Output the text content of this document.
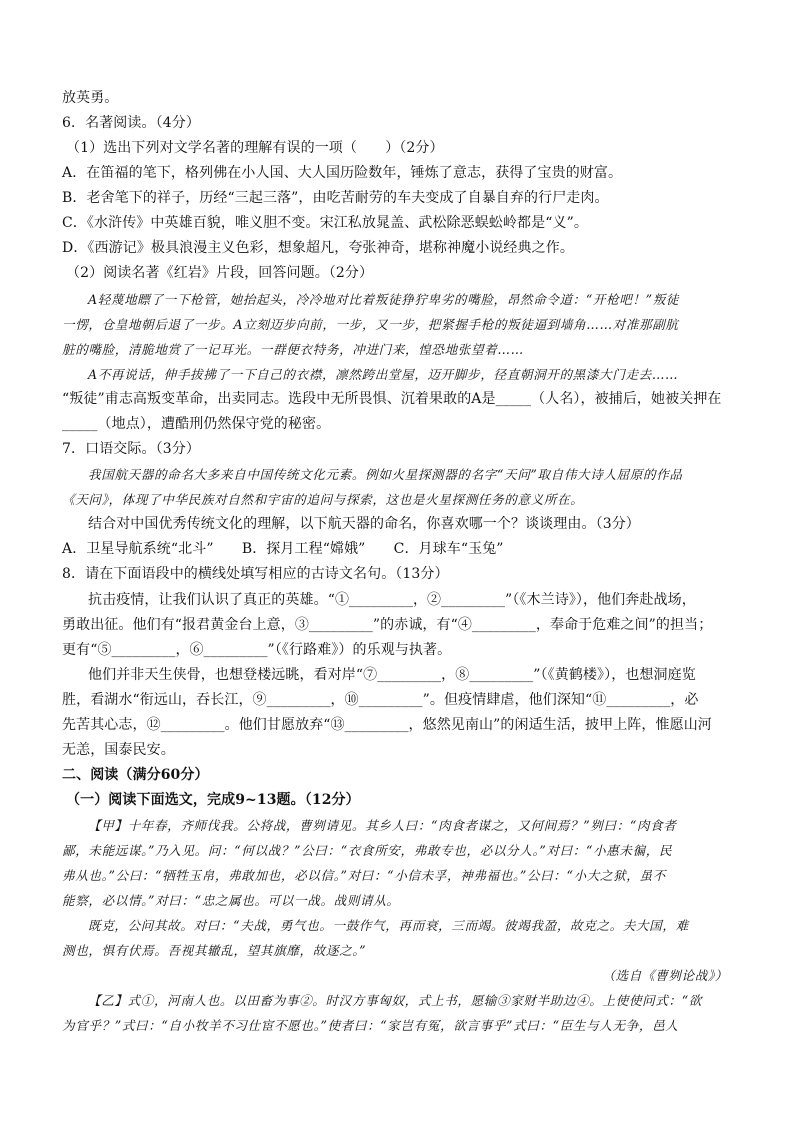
放英勇。
6．名著阅读。（4分）
（1）选出下列对文学名著的理解有误的一项（　　）（2分）
A．在笛福的笔下，格列佛在小人国、大人国历险数年，锤炼了意志，获得了宝贵的财富。
B．老舍笔下的祥子，历经“三起三落”，由吃苦耐劳的车夫变成了自暴自弃的行尸走肉。
C．《水浒传》中英雄百貌，唯义胆不变。宋江私放晁盖、武松除恶蜈蚣岭都是“义”。
D．《西游记》极具浪漫主义色彩，想象超凡，夸张神奇，堪称神魔小说经典之作。
（2）阅读名著《红岩》片段，回答问题。（2分）
A轻蔑地瞟了一下枪管，她抬起头，冷冷地对比着叛徒狰狞卑劣的嘴脸，昂然命令道：“开枪吧！”叛徒
一愣，仓皇地朝后退了一步。A立刻迈步向前，一步，又一步，把紧握手枪的叛徒逼到墙角……对准那副肮
脏的嘴脸，清脆地赏了一记耳光。一群便衣特务，冲进门来，惶恐地张望着……
A不再说话，伸手拔拂了一下自己的衣襟，凛然跨出堂屋，迈开脚步，径直朝洞开的黑漆大门走去……
“叛徒”甫志高叛变革命，出卖同志。选段中无所畏惧、沉着果敢的A是_____（人名），被捕后，她被关押在
_____（地点），遭酷刑仍然保守党的秘密。
7．口语交际。（3分）
我国航天器的命名大多来自中国传统文化元素。例如火星探测器的名字“天问”取自伟大诗人屈原的作品
《天问》，体现了中华民族对自然和宇宙的追问与探索，这也是火星探测任务的意义所在。
结合对中国优秀传统文化的理解，以下航天器的命名，你喜欢哪一个？谈谈理由。（3分）
A．卫星导航系统“北斗”　　B．探月工程“嫦娥”　　C．月球车“玉兔”
8．请在下面语段中的横线处填写相应的古诗文名句。（13分）
抗击疫情，让我们认识了真正的英雄。“①_________，②_________”（《木兰诗》），他们奔赴战场，
勇敢出征。他们有“报君黄金台上意，③_________”的赤诚，有“④_________，奉命于危难之间”的担当；
更有“⑤_________，⑥_________”（《行路难》）的乐观与执著。
他们并非天生侠骨，也想登楼远眺，看对岸“⑦_________，⑧_________”（《黄鹤楼》），也想洞庭览
胜，看湖水“衔远山，吞长江，⑨_________，⑩_________”。但疫情肆虐，他们深知“⑪_________，必
先苦其心志，⑫_________。他们甘愿放弃“⑬_________，悠然见南山”的闲适生活，披甲上阵，惟愿山河
无恙，国泰民安。
二、阅读（满分60分）
（一）阅读下面选文，完成9~13题。（12分）
【甲】十年春，齐师伐我。公将战，曹刿请见。其乡人曰：“肉食者谋之，又何间焉？”刿曰：“肉食者
鄙，未能远谋。”乃入见。问：“何以战？”公曰：“衣食所安，弗敢专也，必以分人。”对曰：“小惠未徧，民
弗从也。”公曰：“牺牲玉帛，弗敢加也，必以信。”对曰：“小信未孚，神弗福也。”公曰：“小大之狱，虽不
能察，必以情。”对曰：“忠之属也。可以一战。战则请从。
既克，公问其故。对曰：“夫战，勇气也。一鼓作气，再而衰，三而竭。彼竭我盈，故克之。夫大国，难
测也，惧有伏焉。吾视其辙乱，望其旗靡，故逐之。”
（选自《曹刿论战》）
【乙】式①，河南人也。以田畜为事②。时汉方事匈奴，式上书，愿输③家财半助边④。上使使问式：“欲
为官乎？”式曰：“自小牧羊不习仕宦不愿也。”使者曰：“家岂有冤，欲言事乎”式曰：“臣生与人无争，邑人
